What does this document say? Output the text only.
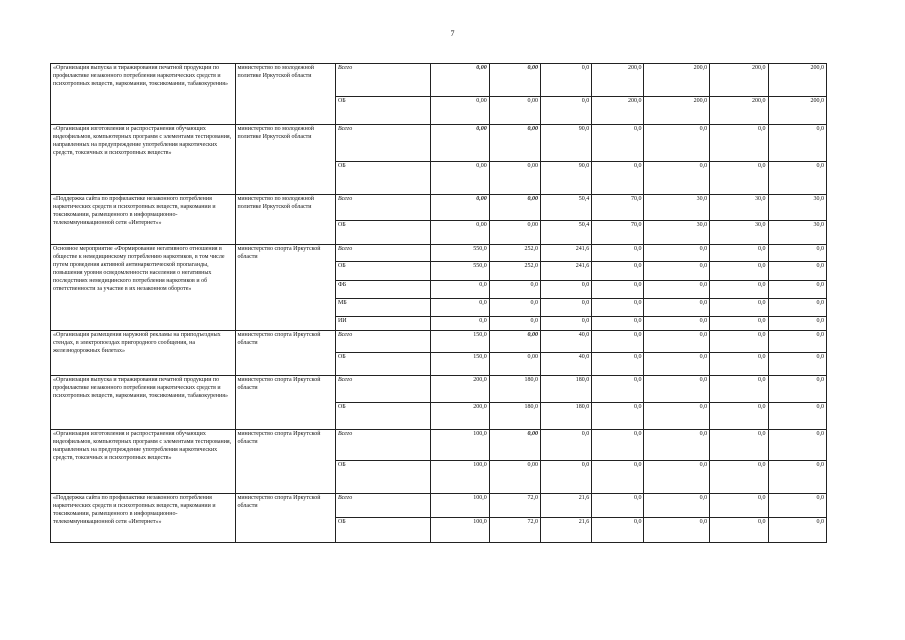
7
«Организация выпуска и тиражирования печатной продукции по профилактике незаконного потребления наркотических средств и психотропных веществ, наркомании, токсикомании, табакокурения»	министерство по молодежной политике Иркутской области	Всего	0,00	0,00	0,0	200,0	200,0	200,0	200,0
		ОБ	0,00	0,00	0,0	200,0	200,0	200,0	200,0
«Организация изготовления и распространения обучающих видеофильмов, компьютерных программ с элементами тестирования, направленных на предупреждение употребления наркотических средств, токсичных и психотропных веществ»	министерство по молодежной политике Иркутской области	Всего	0,00	0,00	90,0	0,0	0,0	0,0	0,0
		ОБ	0,00	0,00	90,0	0,0	0,0	0,0	0,0
«Поддержка сайта по профилактике незаконного потребления наркотических средств и психотропных веществ, наркомании и токсикомании, размещенного в информационно-телекоммуникационной сети «Интернет»»	министерство по молодежной политике Иркутской области	Всего	0,00	0,00	50,4	70,0	30,0	30,0	30,0
		ОБ	0,00	0,00	50,4	70,0	30,0	30,0	30,0
Основное мероприятие «Формирование негативного отношения в обществе к немедицинскому потреблению наркотиков, в том числе путем проведения активной антинаркотической пропаганды, повышения уровня осведомленности населения о негативных последствиях немедицинского потребления наркотиков и об ответственности за участие в их незаконном обороте»	министерство спорта Иркутской области	Всего	550,0	252,0	241,6	0,0	0,0	0,0	0,0
		ОБ	550,0	252,0	241,6	0,0	0,0	0,0	0,0
		ФБ	0,0	0,0	0,0	0,0	0,0	0,0	0,0
		МБ	0,0	0,0	0,0	0,0	0,0	0,0	0,0
		ИИ	0,0	0,0	0,0	0,0	0,0	0,0	0,0
«Организация размещения наружной рекламы на приподъездных стендах, в электропоездах пригородного сообщения, на железнодорожных билетах»	министерство спорта Иркутской области	Всего	150,0	0,00	40,0	0,0	0,0	0,0	0,0
		ОБ	150,0	0,00	40,0	0,0	0,0	0,0	0,0
«Организация выпуска и тиражирования печатной продукции по профилактике незаконного потребления наркотических средств и психотропных веществ, наркомании, токсикомании, табакокурения»	министерство спорта Иркутской области	Всего	200,0	180,0	180,0	0,0	0,0	0,0	0,0
		ОБ	200,0	180,0	180,0	0,0	0,0	0,0	0,0
«Организация изготовления и распространения обучающих видеофильмов, компьютерных программ с элементами тестирования, направленных на предупреждение употребления наркотических средств, токсичных и психотропных веществ»	министерство спорта Иркутской области	Всего	100,0	0,00	0,0	0,0	0,0	0,0	0,0
		ОБ	100,0	0,00	0,0	0,0	0,0	0,0	0,0
«Поддержка сайта по профилактике незаконного потребления наркотических средств и психотропных веществ, наркомании и токсикомании, размещенного в информационно-телекоммуникационной сети «Интернет»»	министерство спорта Иркутской области	Всего	100,0	72,0	21,6	0,0	0,0	0,0	0,0
		ОБ	100,0	72,0	21,6	0,0	0,0	0,0	0,0
